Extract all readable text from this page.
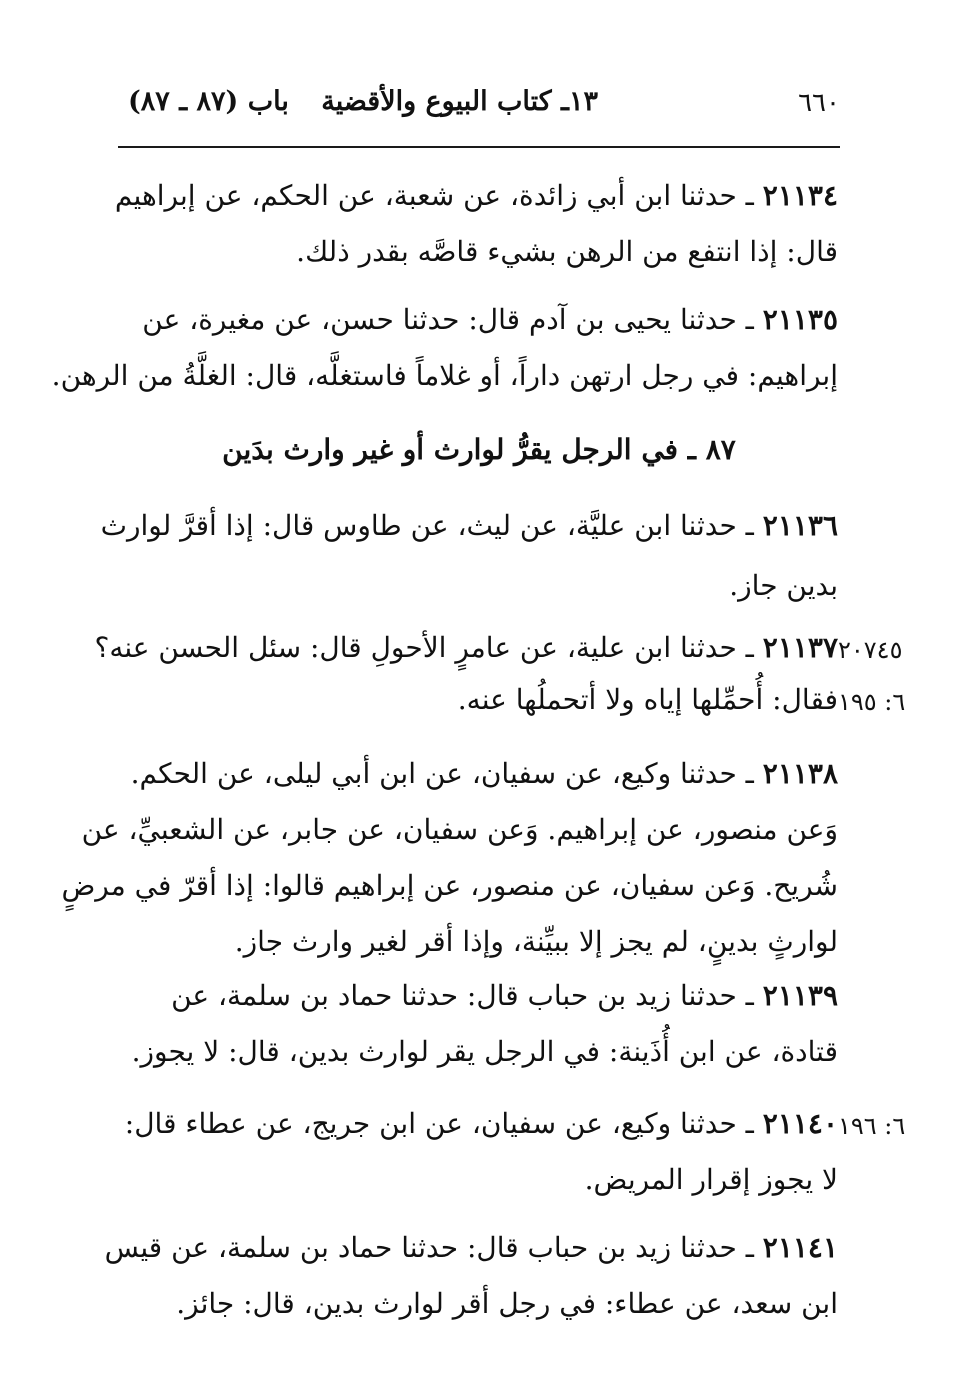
٦٦٠
١٣ـ كتاب البيوع والأقضية
باب (٨٧ ـ ٨٧)
٢١١٣٤ ـ حدثنا ابن أبي زائدة، عن شعبة، عن الحكم، عن إبراهيم
قال: إذا انتفع من الرهن بشيء قاصَّه بقدر ذلك.
٢١١٣٥ ـ حدثنا يحيى بن آدم قال: حدثنا حسن، عن مغيرة، عن
إبراهيم: في رجل ارتهن داراً، أو غلاماً فاستغلَّه، قال: الغلَّةُ من الرهن.
٨٧ ـ في الرجل يقرُّ لوارث أو غير وارث بدَين
٢١١٣٦ ـ حدثنا ابن عليَّة، عن ليث، عن طاوس قال: إذا أقرَّ لوارث
بدين جاز.
٢١١٣٧ ـ حدثنا ابن علية، عن عامرٍ الأحولِ قال: سئل الحسن عنه؟
فقال: أُحمِّلها إياه ولا أتحملُها عنه.
٢٠٧٤٥
٦: ١٩٥
٢١١٣٨ ـ حدثنا وكيع، عن سفيان، عن ابن أبي ليلى، عن الحكم.
وَعن منصور، عن إبراهيم. وَعن سفيان، عن جابر، عن الشعبيِّ، عن
شُريح. وَعن سفيان، عن منصور، عن إبراهيم قالوا: إذا أقرّ في مرضٍ
لوارثٍ بدينٍ، لم يجز إلا ببيِّنة، وإذا أقر لغير وارث جاز.
٢١١٣٩ ـ حدثنا زيد بن حباب قال: حدثنا حماد بن سلمة، عن
قتادة، عن ابن أُذَينة: في الرجل يقر لوارث بدين، قال: لا يجوز.
٢١١٤٠ ـ حدثنا وكيع، عن سفيان، عن ابن جريج، عن عطاء قال:
لا يجوز إقرار المريض.
٦: ١٩٦
٢١١٤١ ـ حدثنا زيد بن حباب قال: حدثنا حماد بن سلمة، عن قيس
ابن سعد، عن عطاء: في رجل أقر لوارث بدين، قال: جائز.
